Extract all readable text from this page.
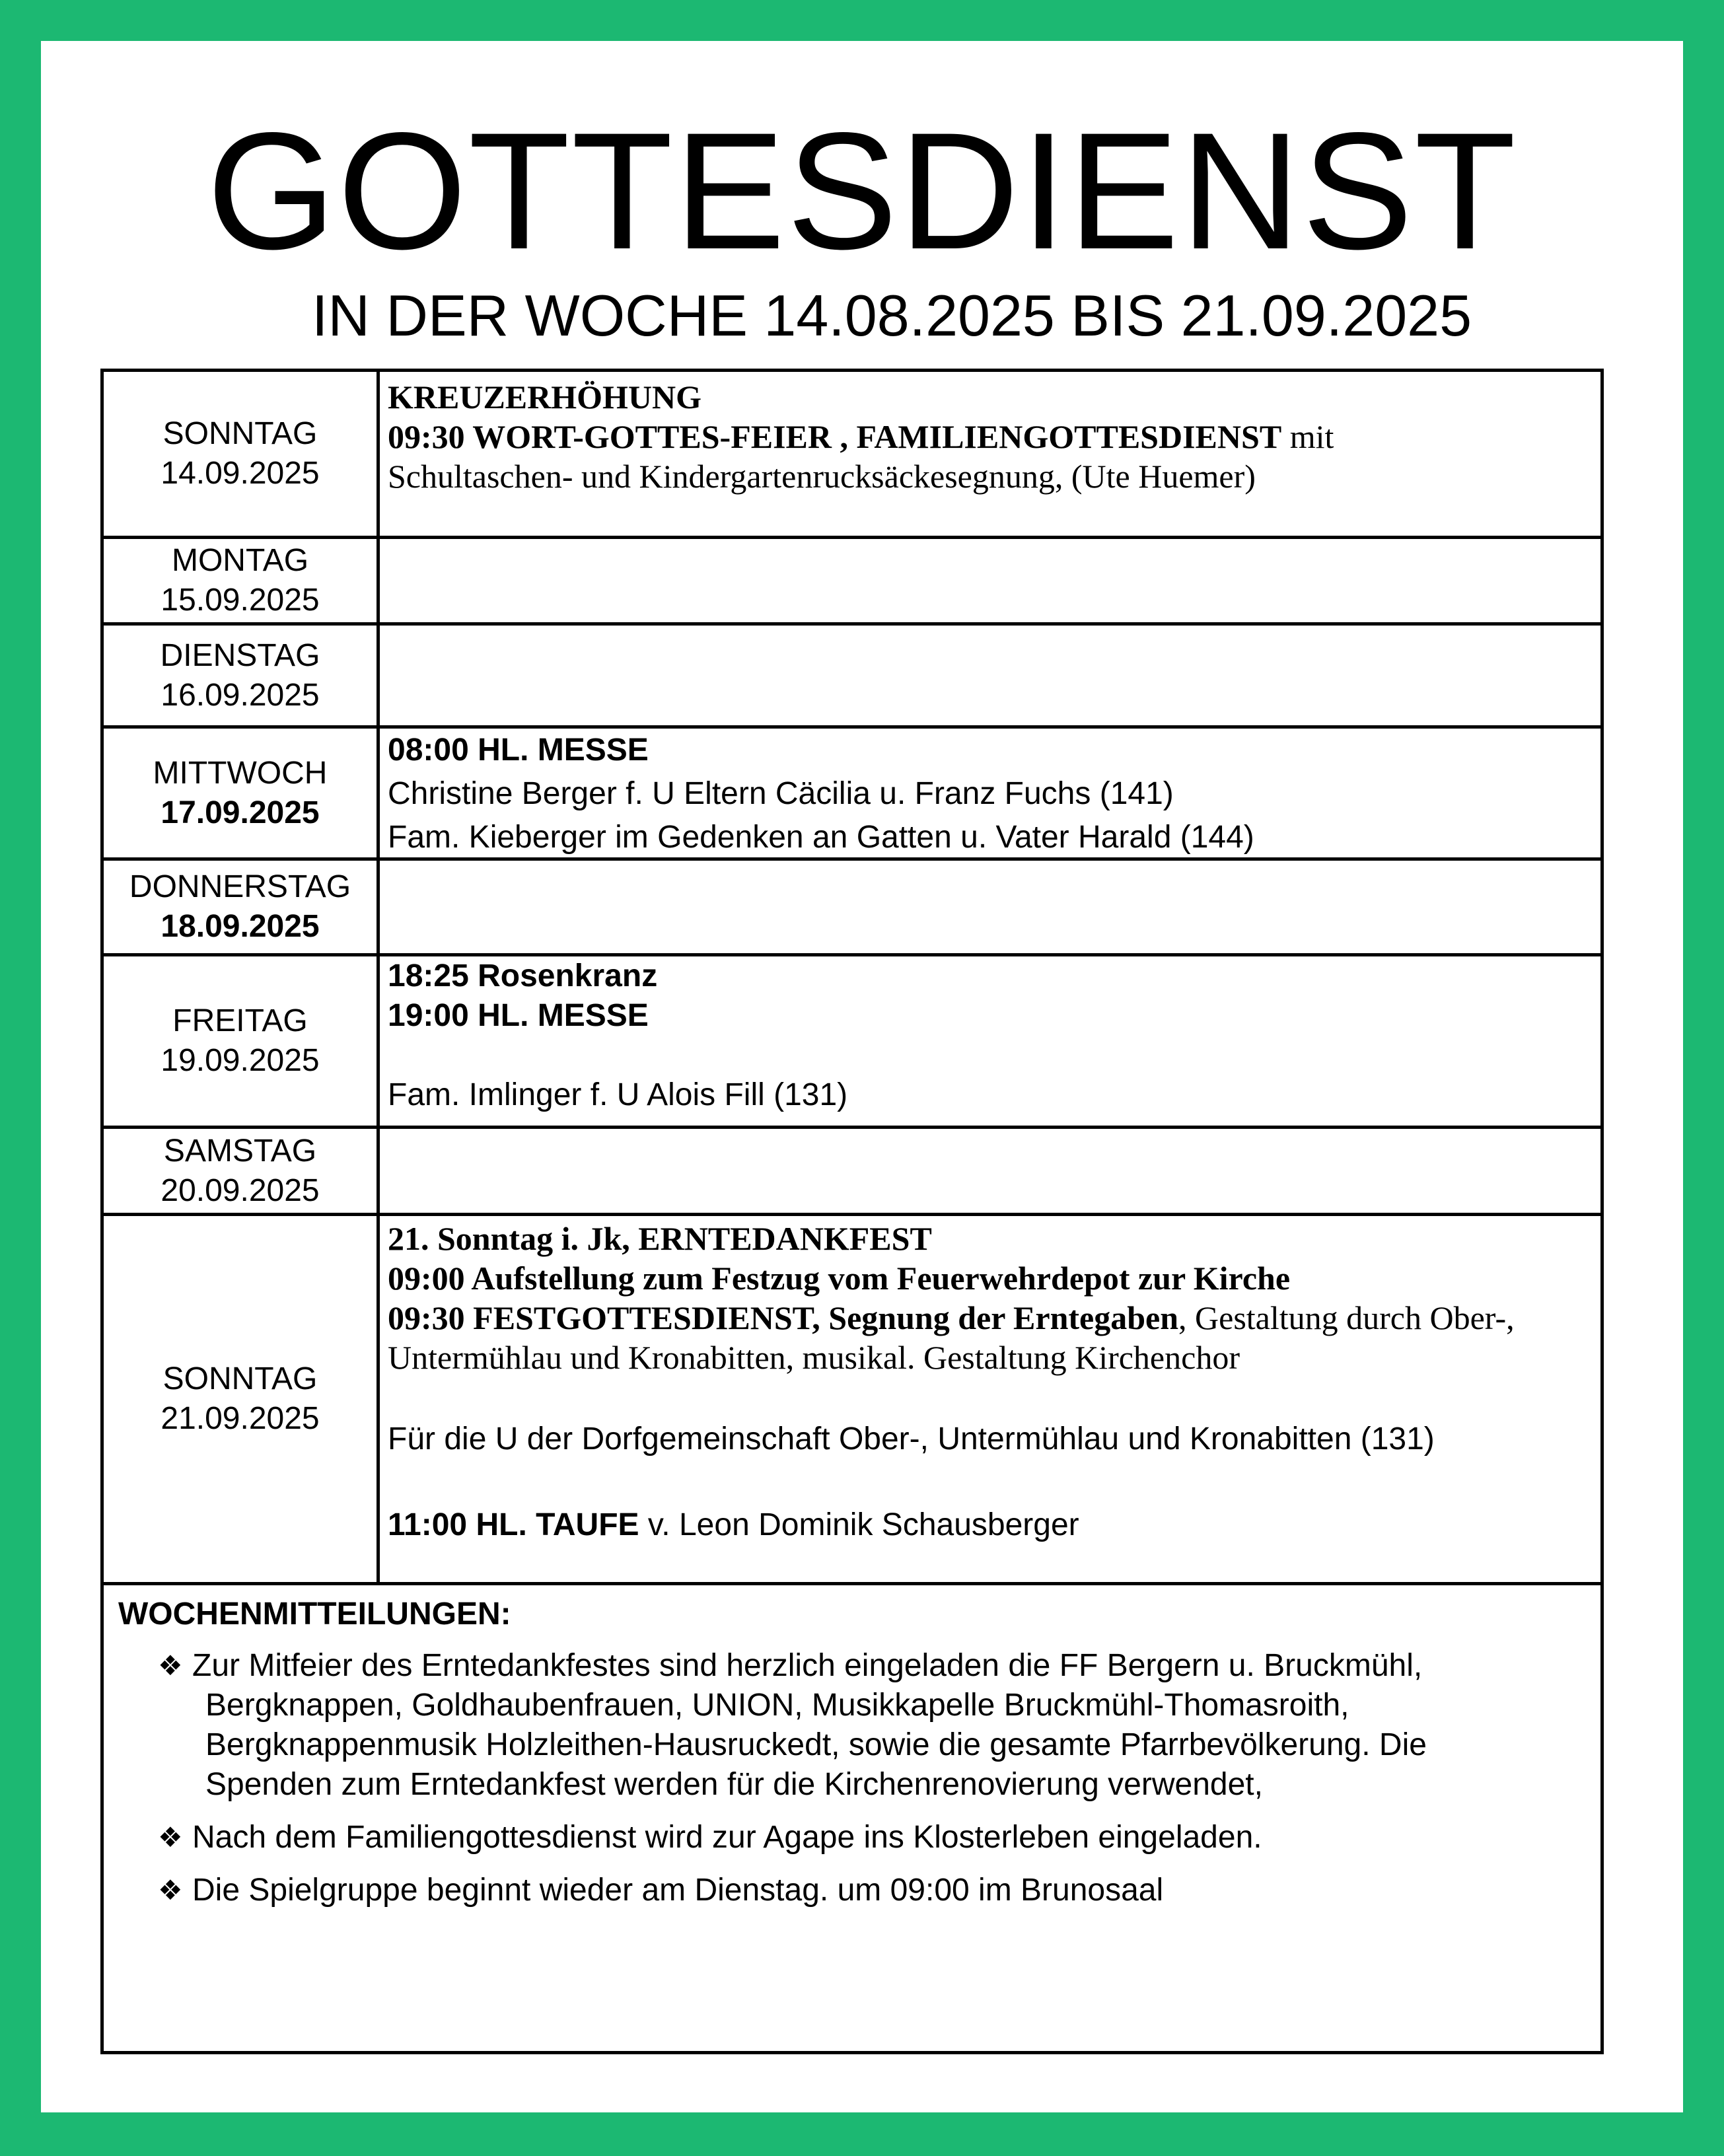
GOTTESDIENST
IN DER WOCHE 14.08.2025 BIS 21.09.2025
SONNTAG
14.09.2025
KREUZERHÖHUNG
09:30 WORT-GOTTES-FEIER , FAMILIENGOTTESDIENST mit
Schultaschen- und Kindergartenrucksäckesegnung, (Ute Huemer)
MONTAG
15.09.2025
DIENSTAG
16.09.2025
MITTWOCH
17.09.2025
08:00 HL. MESSE
Christine Berger f. U Eltern Cäcilia u. Franz Fuchs (141)
Fam. Kieberger im Gedenken an Gatten u. Vater Harald (144)
DONNERSTAG
18.09.2025
FREITAG
19.09.2025
18:25 Rosenkranz
19:00 HL. MESSE
Fam. Imlinger f. U Alois Fill (131)
SAMSTAG
20.09.2025
SONNTAG
21.09.2025
21. Sonntag i. Jk, ERNTEDANKFEST
09:00 Aufstellung zum Festzug vom Feuerwehrdepot zur Kirche
09:30 FESTGOTTESDIENST, Segnung der Erntegaben, Gestaltung durch Ober-,
Untermühlau und Kronabitten, musikal. Gestaltung Kirchenchor
Für die U der Dorfgemeinschaft Ober-, Untermühlau und Kronabitten (131)
11:00 HL. TAUFE v. Leon Dominik Schausberger
WOCHENMITTEILUNGEN:
❖ Zur Mitfeier des Erntedankfestes sind herzlich eingeladen die FF Bergern u. Bruckmühl,
Bergknappen, Goldhaubenfrauen, UNION, Musikkapelle Bruckmühl-Thomasroith,
Bergknappenmusik Holzleithen-Hausruckedt, sowie die gesamte Pfarrbevölkerung. Die
Spenden zum Erntedankfest werden für die Kirchenrenovierung verwendet,
❖ Nach dem Familiengottesdienst wird zur Agape ins Klosterleben eingeladen.
❖ Die Spielgruppe beginnt wieder am Dienstag. um 09:00 im Brunosaal
